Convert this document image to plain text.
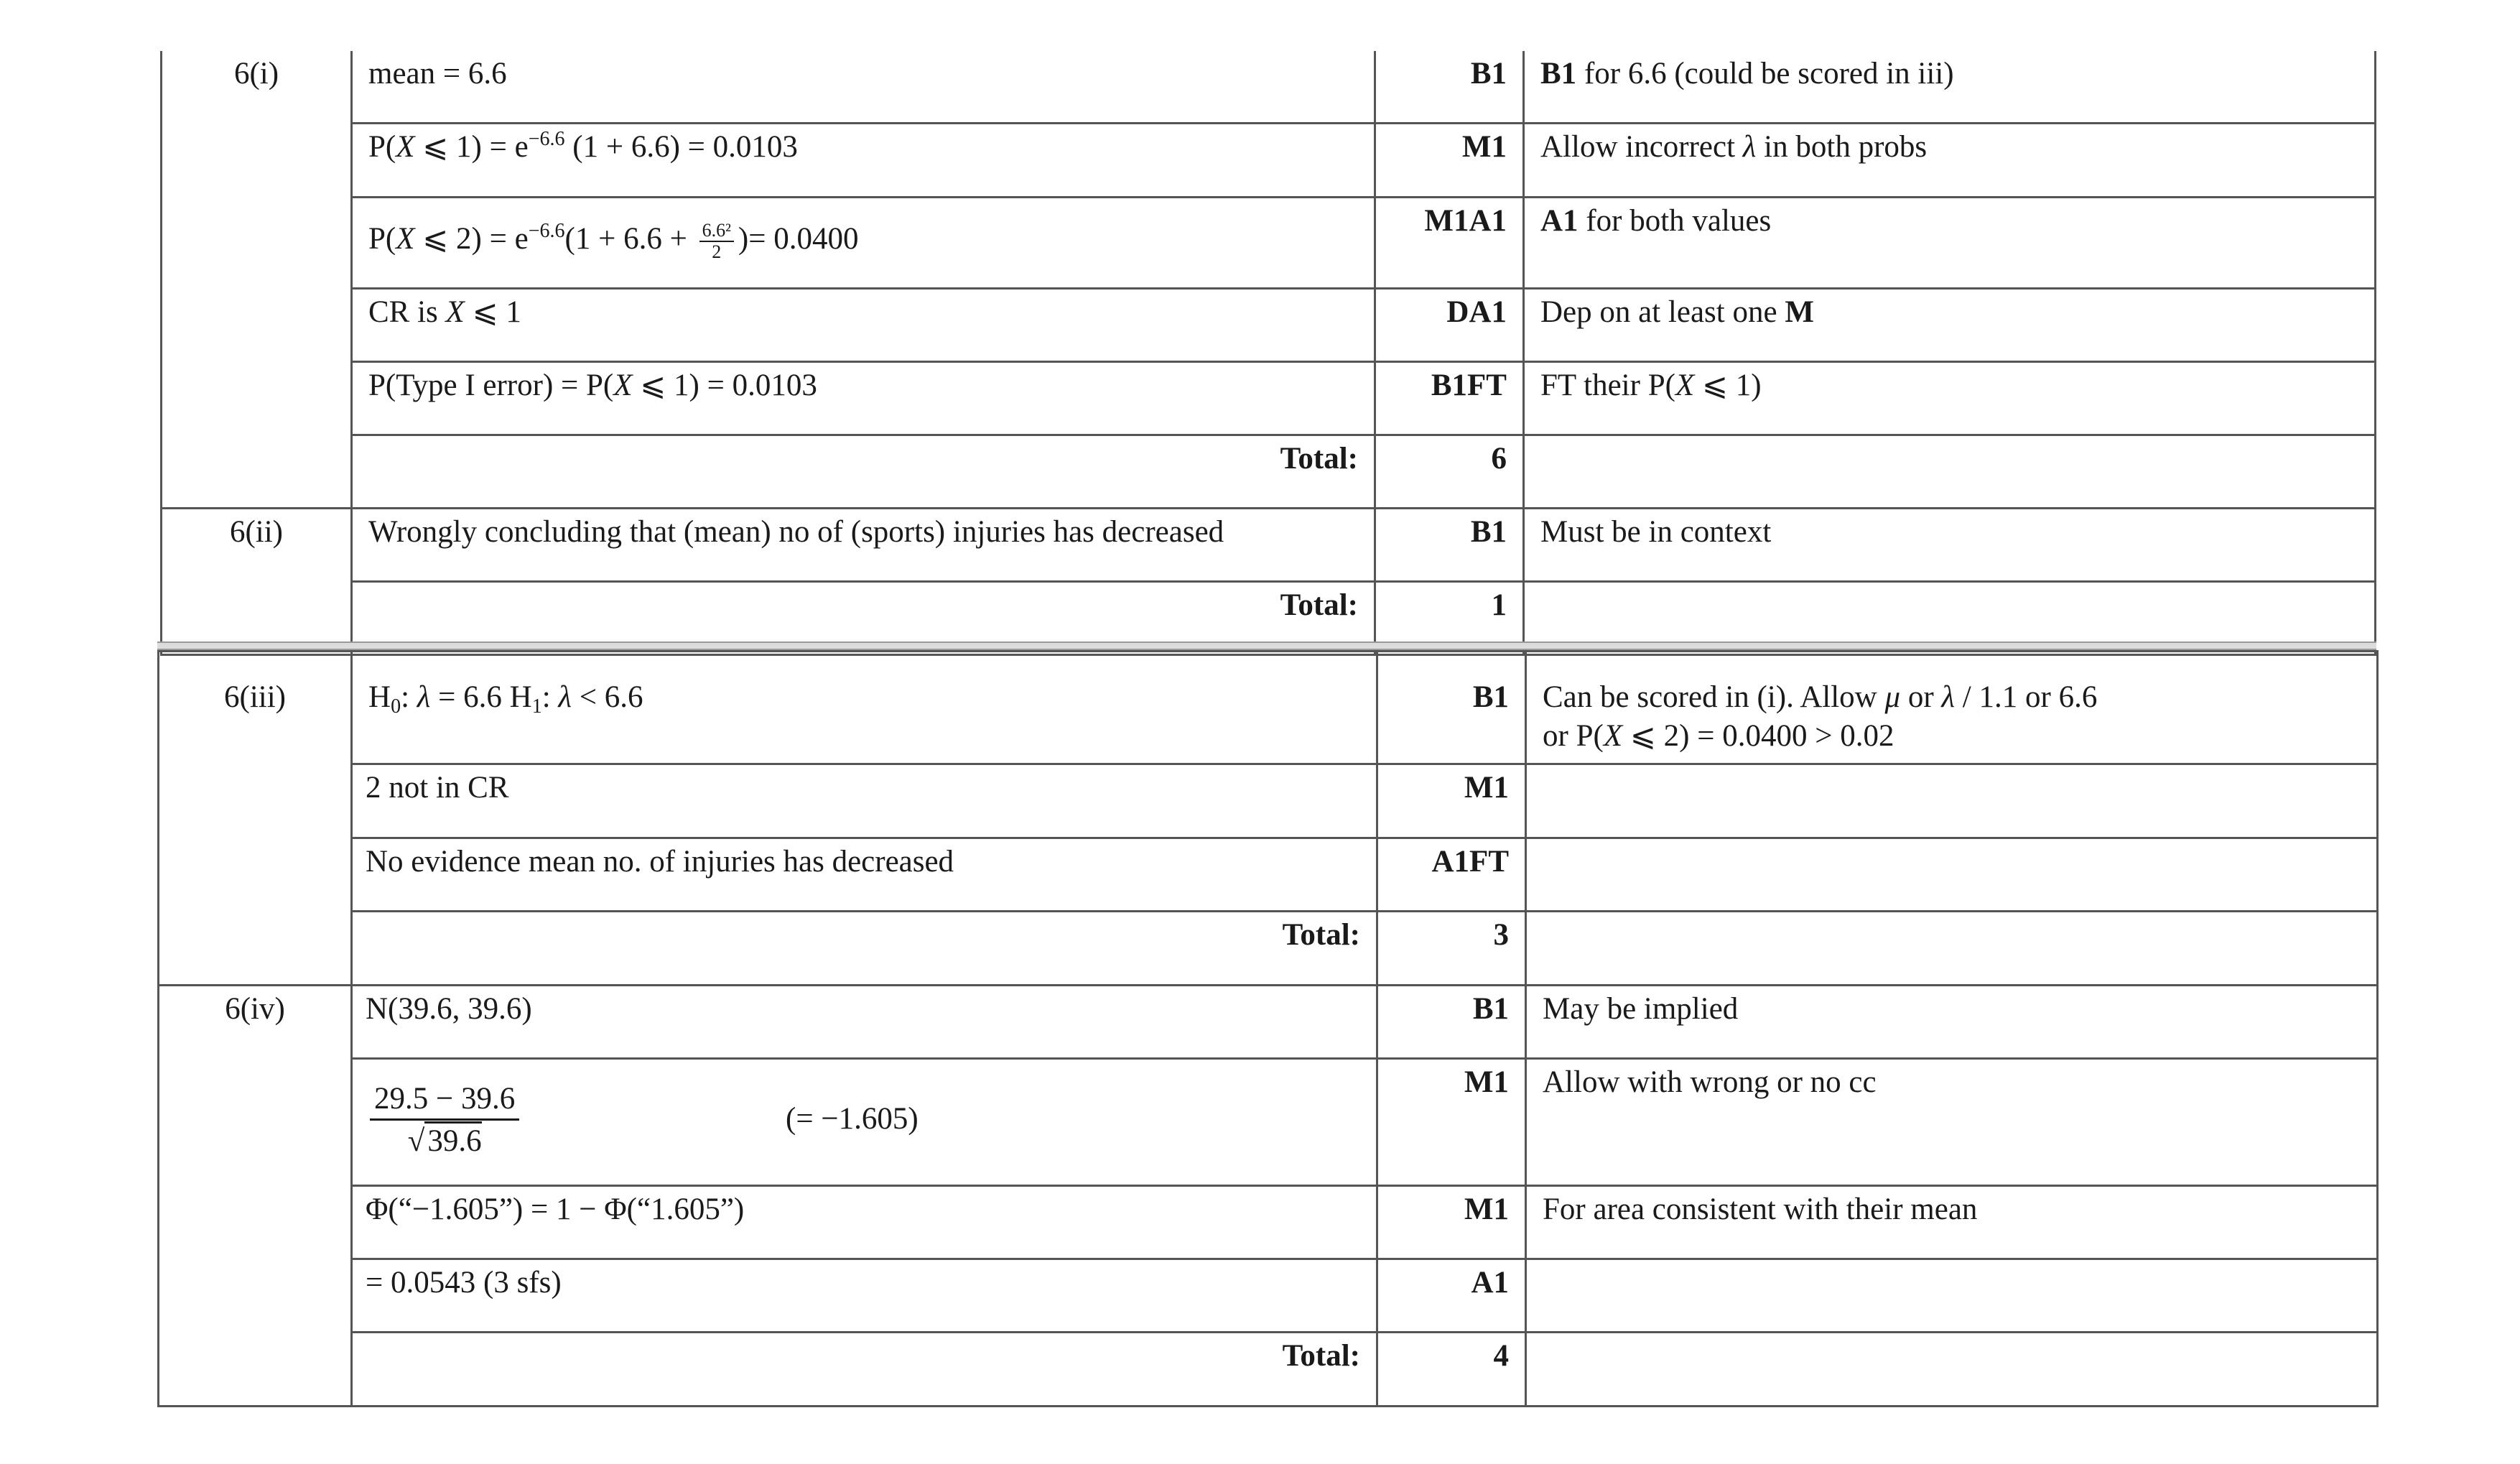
6(i)	mean = 6.6	B1	B1 for 6.6 (could be scored in iii)
	P(X ⩽ $1) = e^{-6.6}$ (1 + 6.6) = 0.0103	M1	Allow incorrect λ in both probs
	P(X ⩽ $2) = e^{-6.6}(1 + 6.6 + \frac{\text{6.6²}}{2}$ )= 0.0400	M1A1	A1 for both values
	CR is X ⩽ 1	DA1	Dep on at least one M
	P(Type I error) = P(X ⩽ 1) = 0.0103	B1FT	FT their P(X ⩽ 1)
	Total:	6	
6(ii)	Wrongly concluding that (mean) no of (sports) injuries has decreased	B1	Must be in context
	Total:	1	
6(iii)	$H_0$: λ = 6.6 $H_1$: λ < 6.6	B1	Can be scored in (i). Allow μ or λ / 1.1 or 6.6
or P(X ⩽ 2) = 0.0400 > 0.02
	2 not in CR	M1	
	No evidence mean no. of injuries has decreased	A1FT	
	Total:	3	
6(iv)	N(39.6, 39.6)	B1	May be implied

	$\frac{29.5 - 39.6}{√39.6}$ (= −1.605)	M1	Allow with wrong or no cc
	Φ(“−1.605”) = 1 − Φ(“1.605”)	M1	For area consistent with their mean
	= 0.0543 (3 sfs)	A1	
	Total:	4	
